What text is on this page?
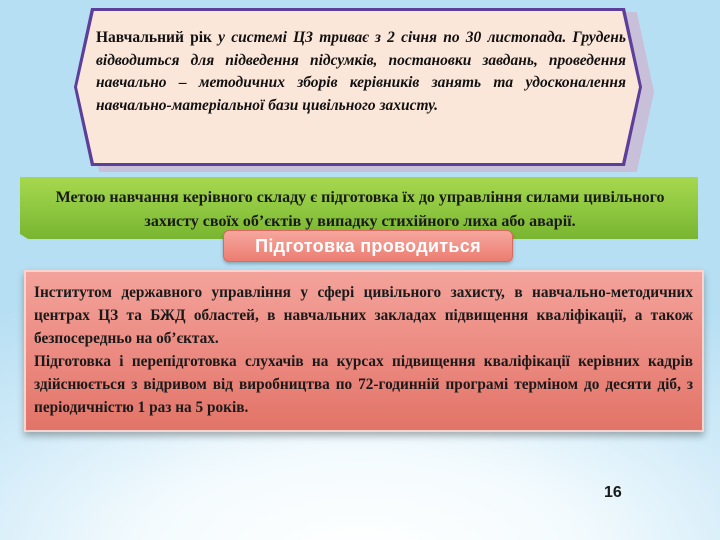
Навчальний рік у системі ЦЗ триває з 2 січня по 30 листопада. Грудень відводиться для підведення підсумків, постановки завдань, проведення навчально – методичних зборів керівників занять та удосконалення навчально-матеріальної бази цивільного захисту.
Метою навчання керівного складу є підготовка їх до управління силами цивільного захисту своїх об’єктів у випадку стихійного лиха або аварії.
Інститутом державного управління у сфері цивільного захисту, в навчально-методичних центрах ЦЗ та БЖД областей, в навчальних закладах підвищення кваліфікації, а також безпосередньо на об’єктах.
Підготовка і перепідготовка слухачів на курсах підвищення кваліфікації керівних кадрів здійснюється з відривом від виробництва по 72-годинній програмі терміном до десяти діб, з періодичністю 1 раз на 5 років.
Підготовка проводиться
16
